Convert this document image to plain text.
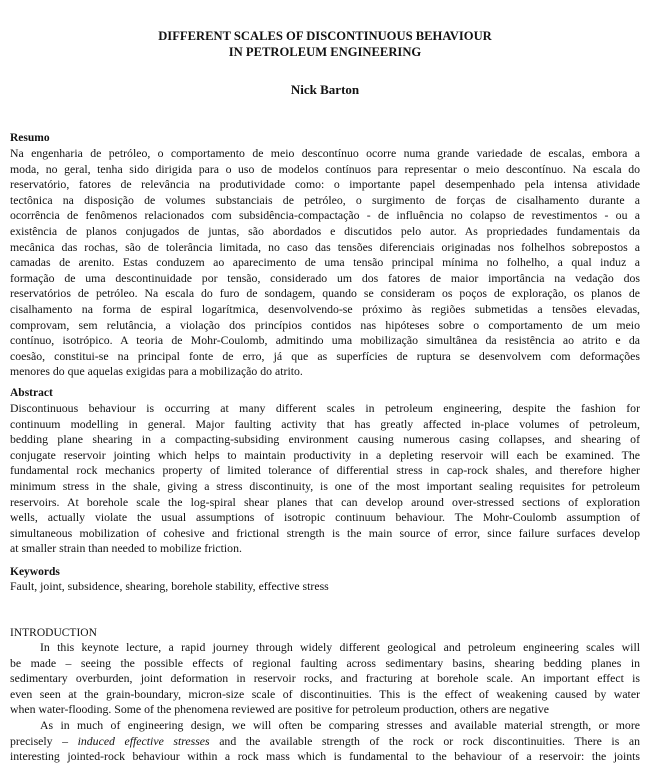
DIFFERENT SCALES OF DISCONTINUOUS BEHAVIOUR
IN PETROLEUM ENGINEERING
Nick Barton
Resumo
Na engenharia de petróleo, o comportamento de meio descontínuo ocorre numa grande variedade de escalas, embora a
moda, no geral, tenha sido dirigida para o uso de modelos contínuos para representar o meio descontínuo. Na escala do
reservatório, fatores de relevância na produtividade como: o importante papel desempenhado pela intensa atividade
tectônica na disposição de volumes substanciais de petróleo, o surgimento de forças de cisalhamento durante a
ocorrência de fenômenos relacionados com subsidência-compactação - de influência no colapso de revestimentos - ou a
existência de planos conjugados de juntas, são abordados e discutidos pelo autor. As propriedades fundamentais da
mecânica das rochas, são de tolerância limitada, no caso das tensões diferenciais originadas nos folhelhos sobrepostos a
camadas de arenito. Estas conduzem ao aparecimento de uma tensão principal mínima no folhelho, a qual induz a
formação de uma descontinuidade por tensão, considerado um dos fatores de maior importância na vedação dos
reservatórios de petróleo. Na escala do furo de sondagem, quando se consideram os poços de exploração, os planos de
cisalhamento na forma de espiral logarítmica, desenvolvendo-se próximo às regiões submetidas a tensões elevadas,
comprovam, sem relutância, a violação dos princípios contidos nas hipóteses sobre o comportamento de um meio
contínuo, isotrópico. A teoria de Mohr-Coulomb, admitindo uma mobilização simultânea da resistência ao atrito e da
coesão, constitui-se na principal fonte de erro, já que as superfícies de ruptura se desenvolvem com deformações
menores do que aquelas exigidas para a mobilização do atrito.
Abstract
Discontinuous behaviour is occurring at many different scales in petroleum engineering, despite the fashion for
continuum modelling in general. Major faulting activity that has greatly affected in-place volumes of petroleum,
bedding plane shearing in a compacting-subsiding environment causing numerous casing collapses, and shearing of
conjugate reservoir jointing which helps to maintain productivity in a depleting reservoir will each be examined. The
fundamental rock mechanics property of limited tolerance of differential stress in cap-rock shales, and therefore higher
minimum stress in the shale, giving a stress discontinuity, is one of the most important sealing requisites for petroleum
reservoirs. At borehole scale the log-spiral shear planes that can develop around over-stressed sections of exploration
wells, actually violate the usual assumptions of isotropic continuum behaviour. The Mohr-Coulomb assumption of
simultaneous mobilization of cohesive and frictional strength is the main source of error, since failure surfaces develop
at smaller strain than needed to mobilize friction.
Keywords
Fault, joint, subsidence, shearing, borehole stability, effective stress
INTRODUCTION
In this keynote lecture, a rapid journey through widely different geological and petroleum engineering scales will
be made – seeing the possible effects of regional faulting across sedimentary basins, shearing bedding planes in
sedimentary overburden, joint deformation in reservoir rocks, and fracturing at borehole scale. An important effect is
even seen at the grain-boundary, micron-size scale of discontinuities. This is the effect of weakening caused by water
when water-flooding. Some of the phenomena reviewed are positive for petroleum production, others are negative
As in much of engineering design, we will often be comparing stresses and available material strength, or more
precisely – induced effective stresses and the available strength of the rock or rock discontinuities. There is an
interesting jointed-rock behaviour within a rock mass which is fundamental to the behaviour of a reservoir: the joints
